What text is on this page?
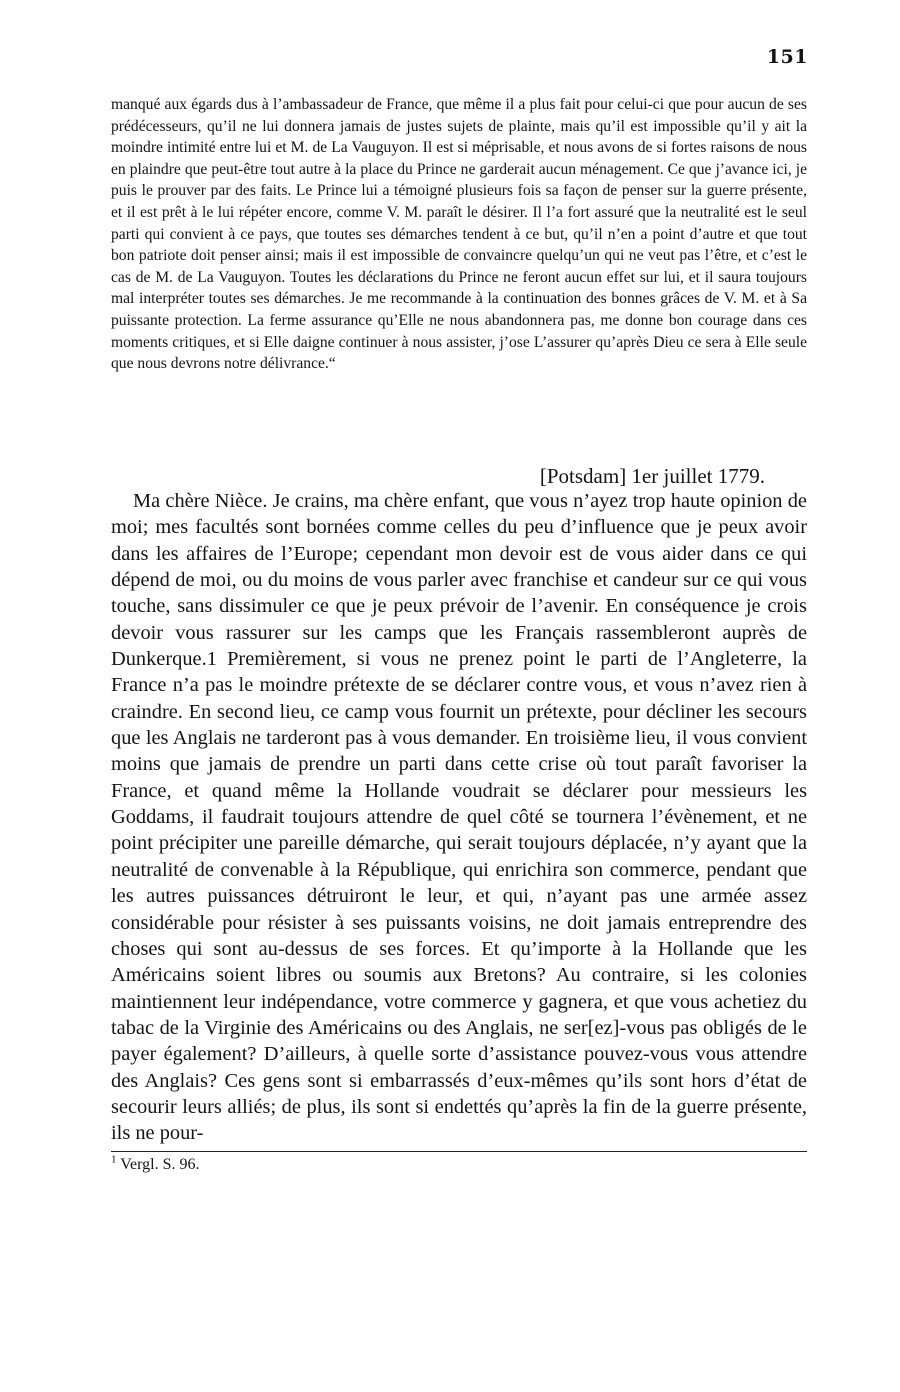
151

manqué aux égards dus à l’ambassadeur de France, que même il a plus fait pour celui-ci que pour aucun de ses prédécesseurs, qu’il ne lui donnera jamais de justes sujets de plainte, mais qu’il est impossible qu’il y ait la moindre intimité entre lui et M. de La Vauguyon. Il est si méprisable, et nous avons de si fortes raisons de nous en plaindre que peut-être tout autre à la place du Prince ne garderait aucun ménagement. Ce que j’avance ici, je puis le prouver par des faits. Le Prince lui a témoigné plusieurs fois sa façon de penser sur la guerre présente, et il est prêt à le lui répéter encore, comme V. M. paraît le désirer. Il l’a fort assuré que la neutralité est le seul parti qui convient à ce pays, que toutes ses démarches tendent à ce but, qu’il n’en a point d’autre et que tout bon patriote doit penser ainsi; mais il est impossible de convaincre quelqu’un qui ne veut pas l’être, et c’est le cas de M. de La Vauguyon. Toutes les déclarations du Prince ne feront aucun effet sur lui, et il saura toujours mal interpréter toutes ses démarches. Je me recommande à la continuation des bonnes grâces de V. M. et à Sa puissante protection. La ferme assurance qu’Elle ne nous abandonnera pas, me donne bon courage dans ces moments critiques, et si Elle daigne continuer à nous assister, j’ose L’assurer qu’après Dieu ce sera à Elle seule que nous devrons notre délivrance.“

[Potsdam] 1er juillet 1779.

Ma chère Nièce. Je crains, ma chère enfant, que vous n’ayez trop haute opinion de moi; mes facultés sont bornées comme celles du peu d’influence que je peux avoir dans les affaires de l’Europe; cependant mon devoir est de vous aider dans ce qui dépend de moi, ou du moins de vous parler avec franchise et candeur sur ce qui vous touche, sans dissimuler ce que je peux prévoir de l’avenir. En conséquence je crois devoir vous rassurer sur les camps que les Français rassembleront auprès de Dunkerque.1 Premièrement, si vous ne prenez point le parti de l’Angleterre, la France n’a pas le moindre prétexte de se déclarer contre vous, et vous n’avez rien à craindre. En second lieu, ce camp vous fournit un prétexte, pour décliner les secours que les Anglais ne tarderont pas à vous demander. En troisième lieu, il vous convient moins que jamais de prendre un parti dans cette crise où tout paraît favoriser la France, et quand même la Hollande voudrait se déclarer pour messieurs les Goddams, il faudrait toujours attendre de quel côté se tournera l’évènement, et ne point précipiter une pareille démarche, qui serait toujours déplacée, n’y ayant que la neutralité de convenable à la République, qui enrichira son commerce, pendant que les autres puissances détruiront le leur, et qui, n’ayant pas une armée assez considérable pour résister à ses puissants voisins, ne doit jamais entreprendre des choses qui sont au-dessus de ses forces. Et qu’importe à la Hollande que les Américains soient libres ou soumis aux Bretons? Au contraire, si les colonies maintiennent leur indépendance, votre commerce y gagnera, et que vous achetiez du tabac de la Virginie des Américains ou des Anglais, ne ser[ez]-vous pas obligés de le payer également? D’ailleurs, à quelle sorte d’assistance pouvez-vous vous attendre des Anglais? Ces gens sont si embarrassés d’eux-mêmes qu’ils sont hors d’état de secourir leurs alliés; de plus, ils sont si endettés qu’après la fin de la guerre présente, ils ne pour-

$^1$ Vergl. S. 96.
